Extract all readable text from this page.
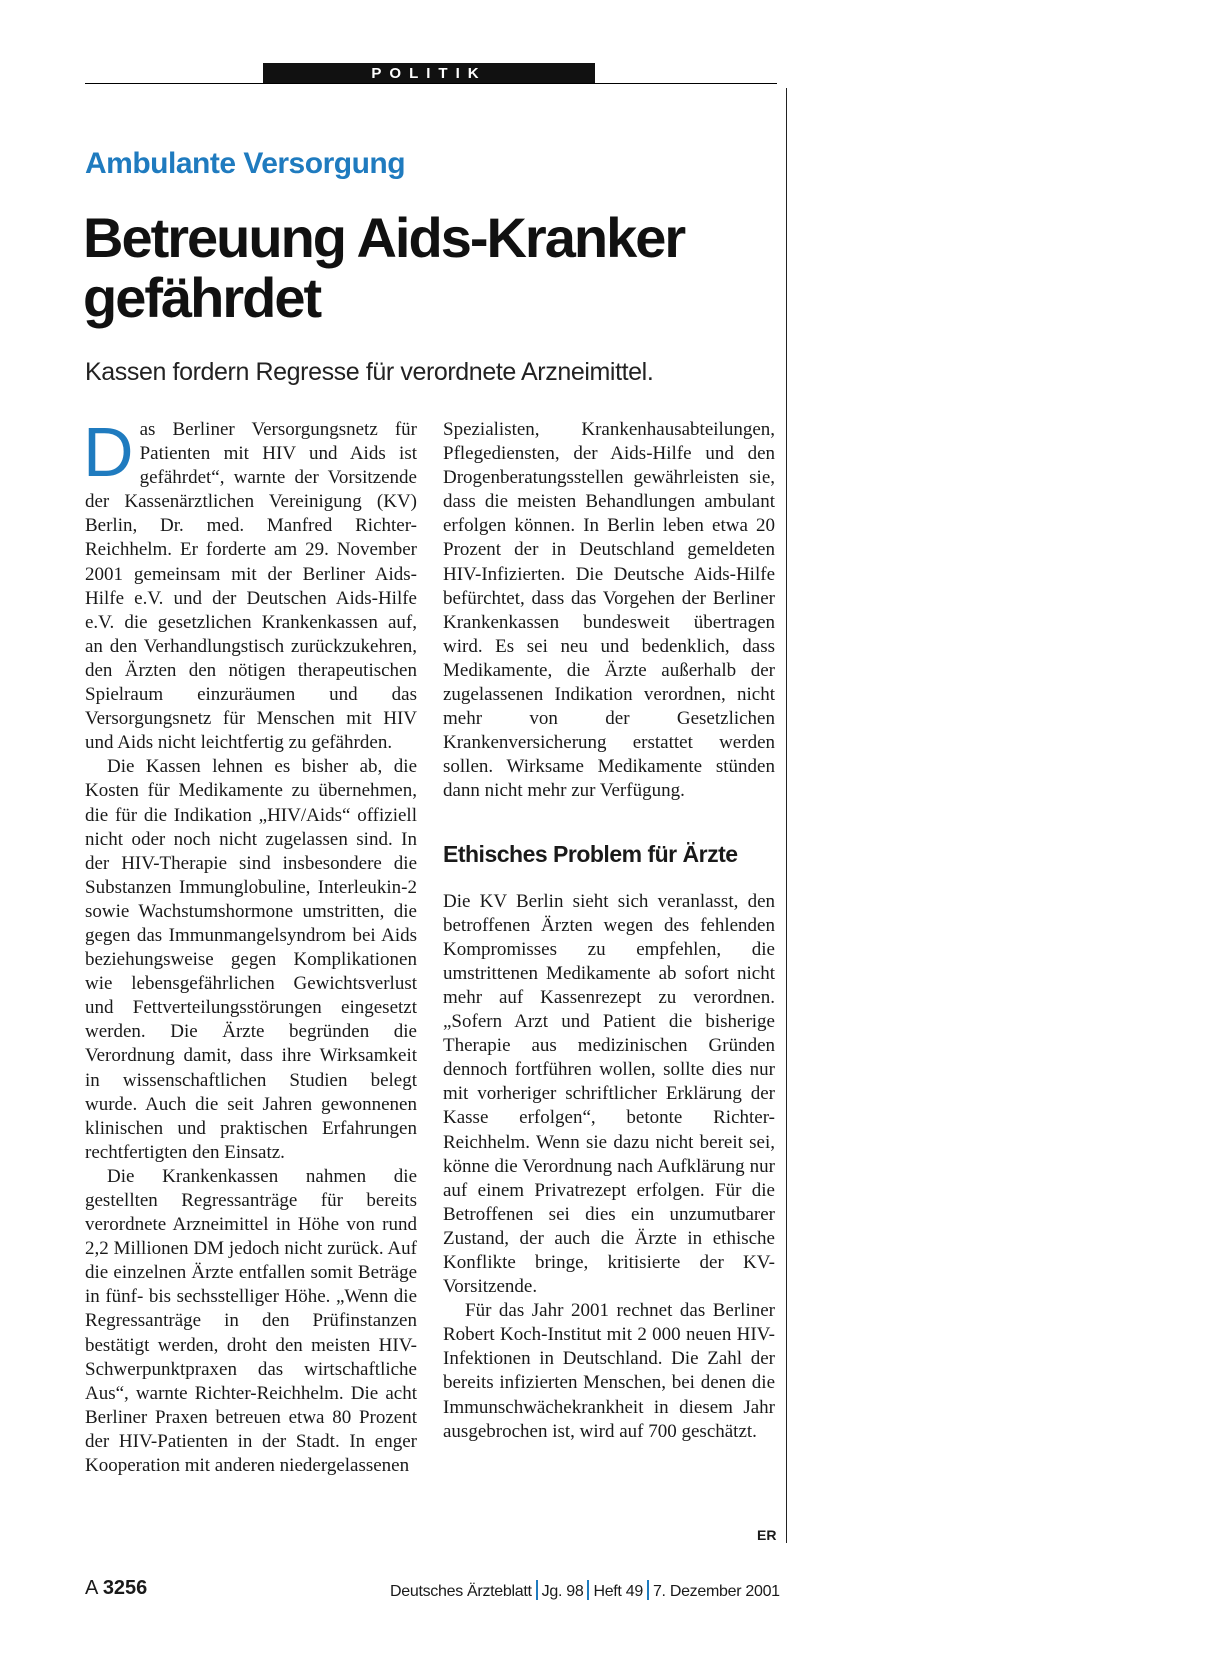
POLITIK
Ambulante Versorgung
Betreuung Aids-Kranker
gefährdet
Kassen fordern Regresse für verordnete Arzneimittel.

Das Berliner Versorgungsnetz für Patienten mit HIV und Aids ist gefährdet“, warnte der Vorsitzende der Kassenärztlichen Vereinigung (KV) Berlin, Dr. med. Manfred Richter-Reichhelm. Er forderte am 29. November 2001 gemeinsam mit der Berliner Aids-Hilfe e.V. und der Deutschen Aids-Hilfe e.V. die gesetzlichen Krankenkassen auf, an den Verhandlungstisch zurückzukehren, den Ärzten den nötigen therapeutischen Spielraum einzuräumen und das Versorgungsnetz für Menschen mit HIV und Aids nicht leichtfertig zu gefährden.

Die Kassen lehnen es bisher ab, die Kosten für Medikamente zu übernehmen, die für die Indikation „HIV/Aids“ offiziell nicht oder noch nicht zugelassen sind. In der HIV-Therapie sind insbesondere die Substanzen Immunglobuline, Interleukin-2 sowie Wachstumshormone umstritten, die gegen das Immunmangelsyndrom bei Aids beziehungsweise gegen Komplikationen wie lebensgefährlichen Gewichtsverlust und Fettverteilungsstörungen eingesetzt werden. Die Ärzte begründen die Verordnung damit, dass ihre Wirksamkeit in wissenschaftlichen Studien belegt wurde. Auch die seit Jahren gewonnenen klinischen und praktischen Erfahrungen rechtfertigten den Einsatz.

Die Krankenkassen nahmen die gestellten Regressanträge für bereits verordnete Arzneimittel in Höhe von rund 2,2 Millionen DM jedoch nicht zurück. Auf die einzelnen Ärzte entfallen somit Beträge in fünf- bis sechsstelliger Höhe. „Wenn die Regressanträge in den Prüfinstanzen bestätigt werden, droht den meisten HIV-Schwerpunktpraxen das wirtschaftliche Aus“, warnte Richter-Reichhelm. Die acht Berliner Praxen betreuen etwa 80 Prozent der HIV-Patienten in der Stadt. In enger Kooperation mit anderen niedergelassenen

Spezialisten, Krankenhausabteilungen, Pflegediensten, der Aids-Hilfe und den Drogenberatungsstellen gewährleisten sie, dass die meisten Behandlungen ambulant erfolgen können. In Berlin leben etwa 20 Prozent der in Deutschland gemeldeten HIV-Infizierten. Die Deutsche Aids-Hilfe befürchtet, dass das Vorgehen der Berliner Krankenkassen bundesweit übertragen wird. Es sei neu und bedenklich, dass Medikamente, die Ärzte außerhalb der zugelassenen Indikation verordnen, nicht mehr von der Gesetzlichen Krankenversicherung erstattet werden sollen. Wirksame Medikamente stünden dann nicht mehr zur Verfügung.

Ethisches Problem für Ärzte

Die KV Berlin sieht sich veranlasst, den betroffenen Ärzten wegen des fehlenden Kompromisses zu empfehlen, die umstrittenen Medikamente ab sofort nicht mehr auf Kassenrezept zu verordnen. „Sofern Arzt und Patient die bisherige Therapie aus medizinischen Gründen dennoch fortführen wollen, sollte dies nur mit vorheriger schriftlicher Erklärung der Kasse erfolgen“, betonte Richter-Reichhelm. Wenn sie dazu nicht bereit sei, könne die Verordnung nach Aufklärung nur auf einem Privatrezept erfolgen. Für die Betroffenen sei dies ein unzumutbarer Zustand, der auch die Ärzte in ethische Konflikte bringe, kritisierte der KV-Vorsitzende.

Für das Jahr 2001 rechnet das Berliner Robert Koch-Institut mit 2 000 neuen HIV-Infektionen in Deutschland. Die Zahl der bereits infizierten Menschen, bei denen die Immunschwächekrankheit in diesem Jahr ausgebrochen ist, wird auf 700 geschätzt.

ER
A 3256	Deutsches Ärzteblatt Jg. 98 Heft 49 7. Dezember 2001
